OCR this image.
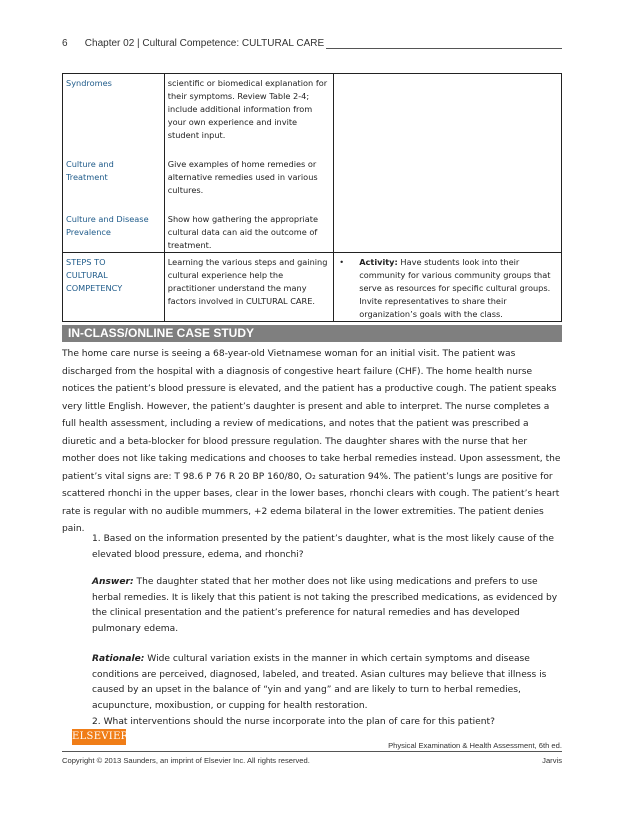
6 Chapter 02 | Cultural Competence: CULTURAL CARE
Syndromes	scientific or biomedical explanation for their symptoms. Review Table 2-4; include additional information from your own experience and invite student input.	

Culture and Treatment	Give examples of home remedies or alternative remedies used in various cultures.	

Culture and Disease Prevalence	Show how gathering the appropriate cultural data can aid the outcome of treatment.	

STEPS TO CULTURAL COMPETENCY	Learning the various steps and gaining cultural experience help the practitioner understand the many factors involved in CULTURAL CARE.	• Activity: Have students look into their community for various community groups that serve as resources for specific cultural groups. Invite representatives to share their organization’s goals with the class.
IN-CLASS/ONLINE CASE STUDY
The home care nurse is seeing a 68-year-old Vietnamese woman for an initial visit. The patient was discharged from the hospital with a diagnosis of congestive heart failure (CHF). The home health nurse notices the patient’s blood pressure is elevated, and the patient has a productive cough. The patient speaks very little English. However, the patient’s daughter is present and able to interpret. The nurse completes a full health assessment, including a review of medications, and notes that the patient was prescribed a diuretic and a beta-blocker for blood pressure regulation. The daughter shares with the nurse that her mother does not like taking medications and chooses to take herbal remedies instead. Upon assessment, the patient’s vital signs are: T 98.6 P 76 R 20 BP 160/80, O₂ saturation 94%. The patient’s lungs are positive for scattered rhonchi in the upper bases, clear in the lower bases, rhonchi clears with cough. The patient’s heart rate is regular with no audible mummers, +2 edema bilateral in the lower extremities. The patient denies pain.
1. Based on the information presented by the patient’s daughter, what is the most likely cause of the elevated blood pressure, edema, and rhonchi?
Answer: The daughter stated that her mother does not like using medications and prefers to use herbal remedies. It is likely that this patient is not taking the prescribed medications, as evidenced by the clinical presentation and the patient’s preference for natural remedies and has developed pulmonary edema.
Rationale: Wide cultural variation exists in the manner in which certain symptoms and disease conditions are perceived, diagnosed, labeled, and treated. Asian cultures may believe that illness is caused by an upset in the balance of “yin and yang” and are likely to turn to herbal remedies, acupuncture, moxibustion, or cupping for health restoration.
2. What interventions should the nurse incorporate into the plan of care for this patient?
ELSEVIER
Physical Examination & Health Assessment, 6th ed.
Copyright © 2013 Saunders, an imprint of Elsevier Inc. All rights reserved.	Jarvis
